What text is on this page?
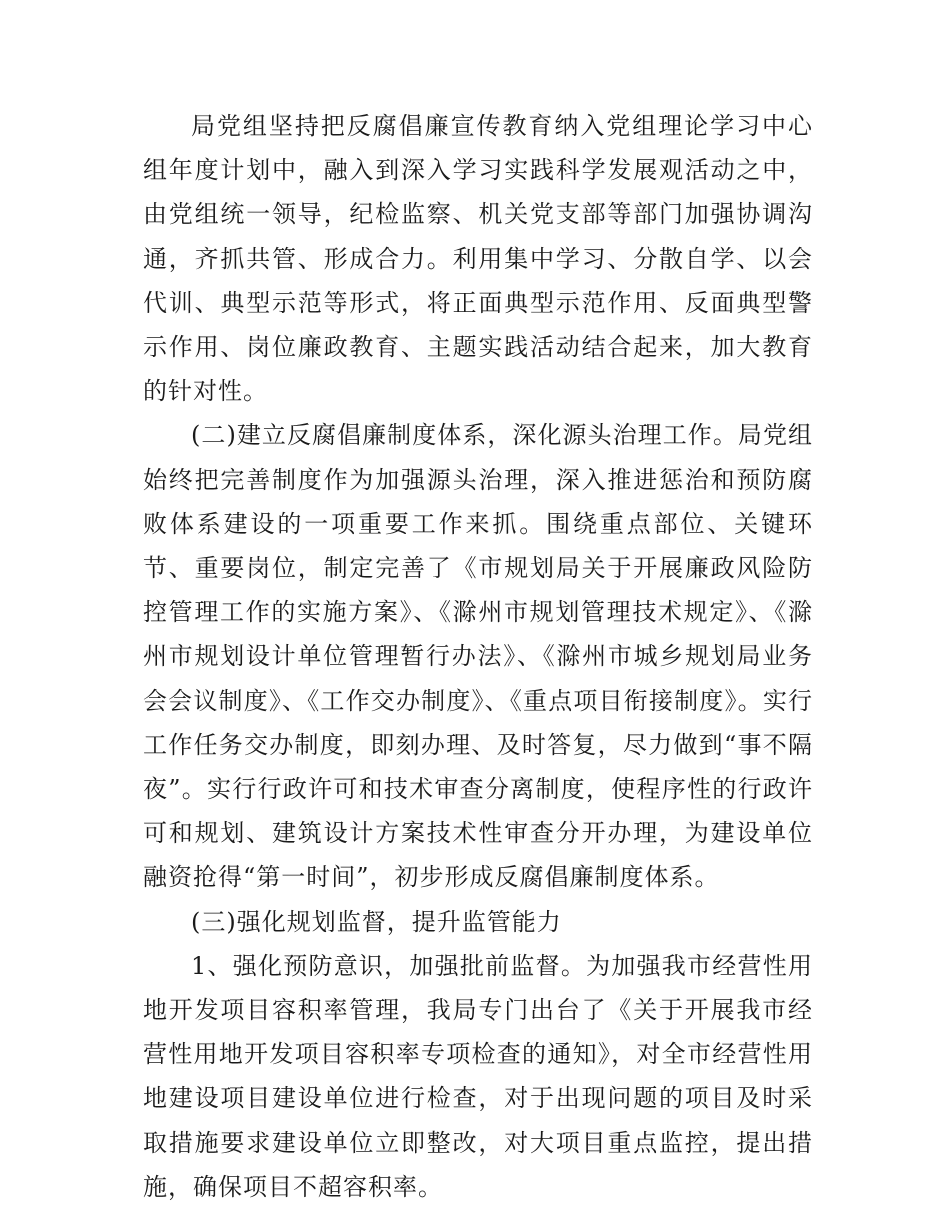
局党组坚持把反腐倡廉宣传教育纳入党组理论学习中心组年度计划中，融入到深入学习实践科学发展观活动之中，由党组统一领导，纪检监察、机关党支部等部门加强协调沟通，齐抓共管、形成合力。利用集中学习、分散自学、以会代训、典型示范等形式，将正面典型示范作用、反面典型警示作用、岗位廉政教育、主题实践活动结合起来，加大教育的针对性。

(二)建立反腐倡廉制度体系，深化源头治理工作。局党组始终把完善制度作为加强源头治理，深入推进惩治和预防腐败体系建设的一项重要工作来抓。围绕重点部位、关键环节、重要岗位，制定完善了《市规划局关于开展廉政风险防控管理工作的实施方案》、《滁州市规划管理技术规定》、《滁州市规划设计单位管理暂行办法》、《滁州市城乡规划局业务会会议制度》、《工作交办制度》、《重点项目衔接制度》。实行工作任务交办制度，即刻办理、及时答复，尽力做到“事不隔夜”。实行行政许可和技术审查分离制度，使程序性的行政许可和规划、建筑设计方案技术性审查分开办理，为建设单位融资抢得“第一时间”，初步形成反腐倡廉制度体系。

(三)强化规划监督，提升监管能力

1、强化预防意识，加强批前监督。为加强我市经营性用地开发项目容积率管理，我局专门出台了《关于开展我市经营性用地开发项目容积率专项检查的通知》，对全市经营性用地建设项目建设单位进行检查，对于出现问题的项目及时采取措施要求建设单位立即整改，对大项目重点监控，提出措施，确保项目不超容积率。
